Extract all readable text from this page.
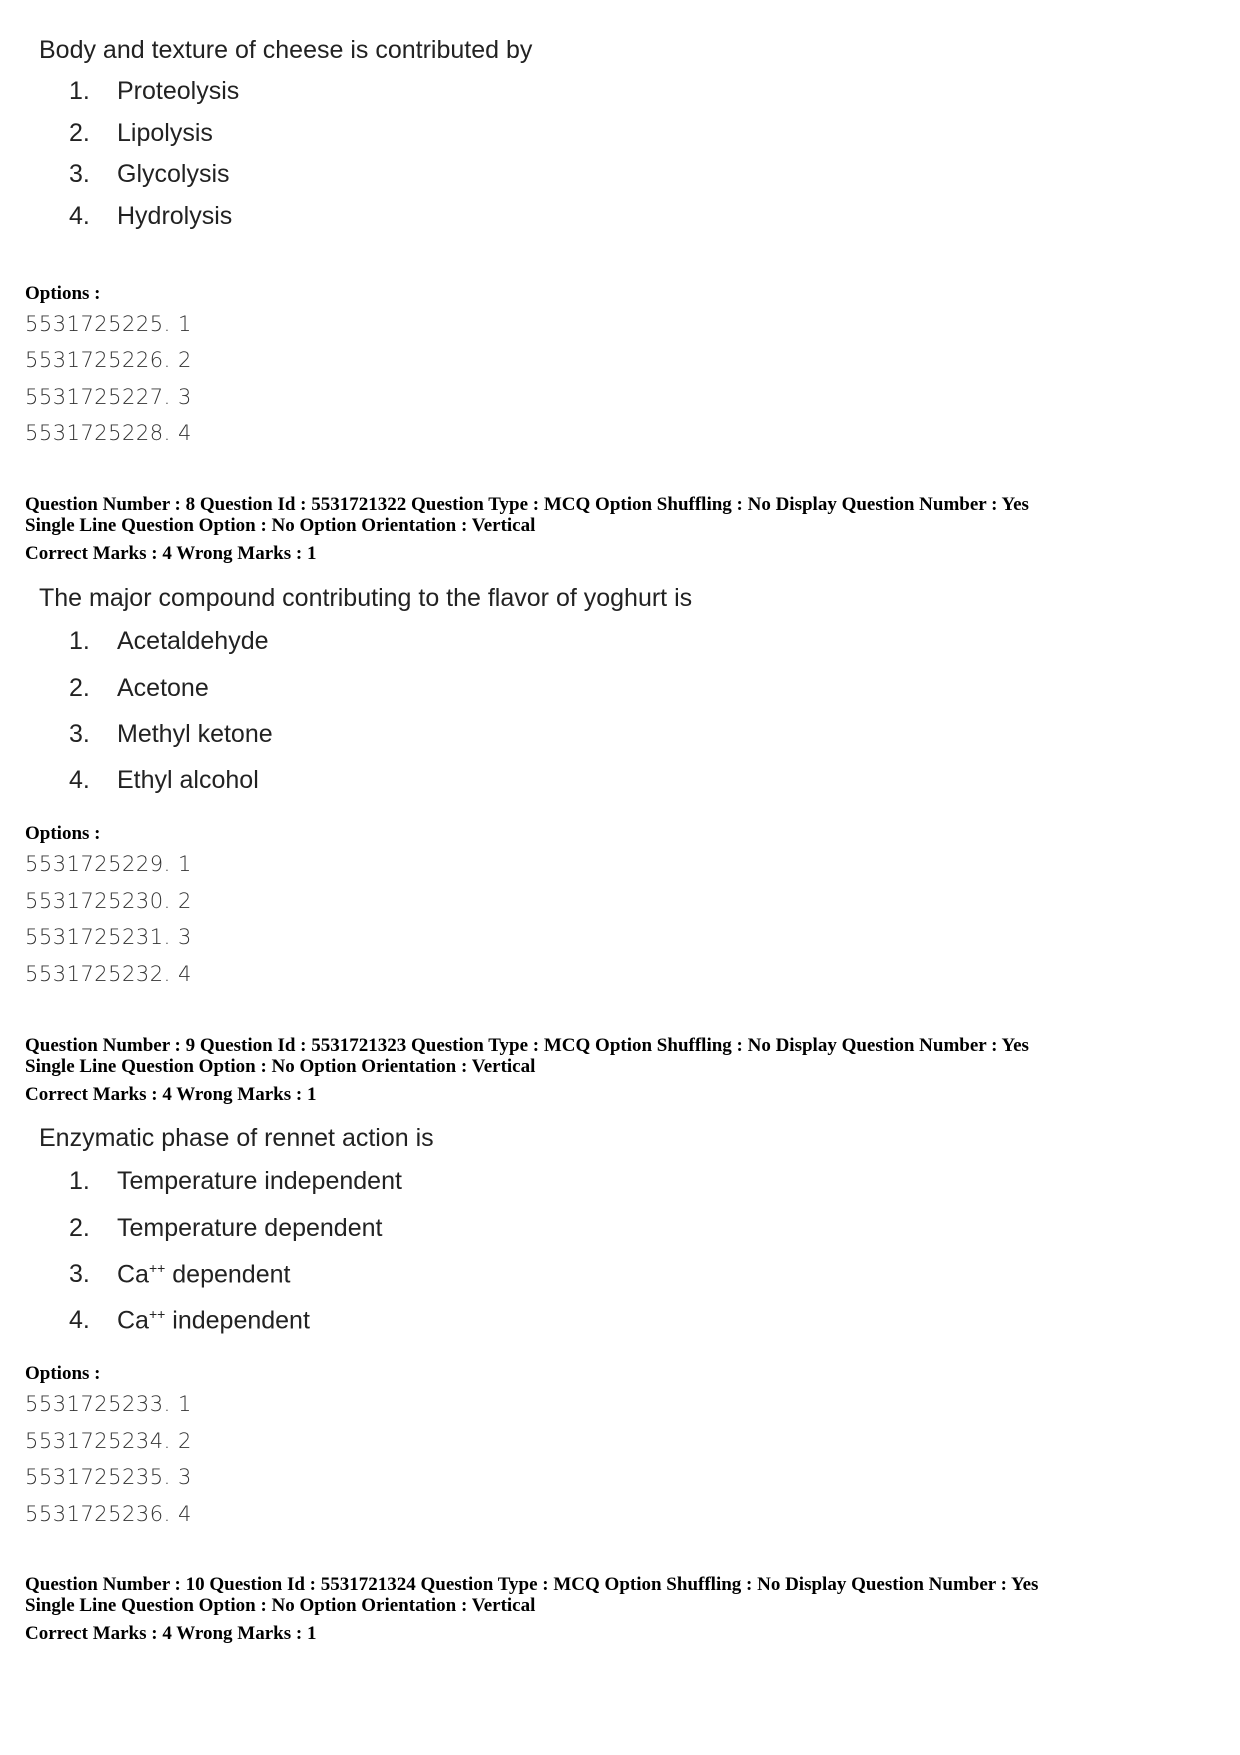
Body and texture of cheese is contributed by
1. Proteolysis
2. Lipolysis
3. Glycolysis
4. Hydrolysis
Options :
5531725225. 1
5531725226. 2
5531725227. 3
5531725228. 4
Question Number : 8 Question Id : 5531721322 Question Type : MCQ Option Shuffling : No Display Question Number : Yes
Single Line Question Option : No Option Orientation : Vertical
Correct Marks : 4 Wrong Marks : 1
The major compound contributing to the flavor of yoghurt is
1. Acetaldehyde
2. Acetone
3. Methyl ketone
4. Ethyl alcohol
Options :
5531725229. 1
5531725230. 2
5531725231. 3
5531725232. 4
Question Number : 9 Question Id : 5531721323 Question Type : MCQ Option Shuffling : No Display Question Number : Yes
Single Line Question Option : No Option Orientation : Vertical
Correct Marks : 4 Wrong Marks : 1
Enzymatic phase of rennet action is
1. Temperature independent
2. Temperature dependent
3. Ca++ dependent
4. Ca++ independent
Options :
5531725233. 1
5531725234. 2
5531725235. 3
5531725236. 4
Question Number : 10 Question Id : 5531721324 Question Type : MCQ Option Shuffling : No Display Question Number : Yes
Single Line Question Option : No Option Orientation : Vertical
Correct Marks : 4 Wrong Marks : 1
